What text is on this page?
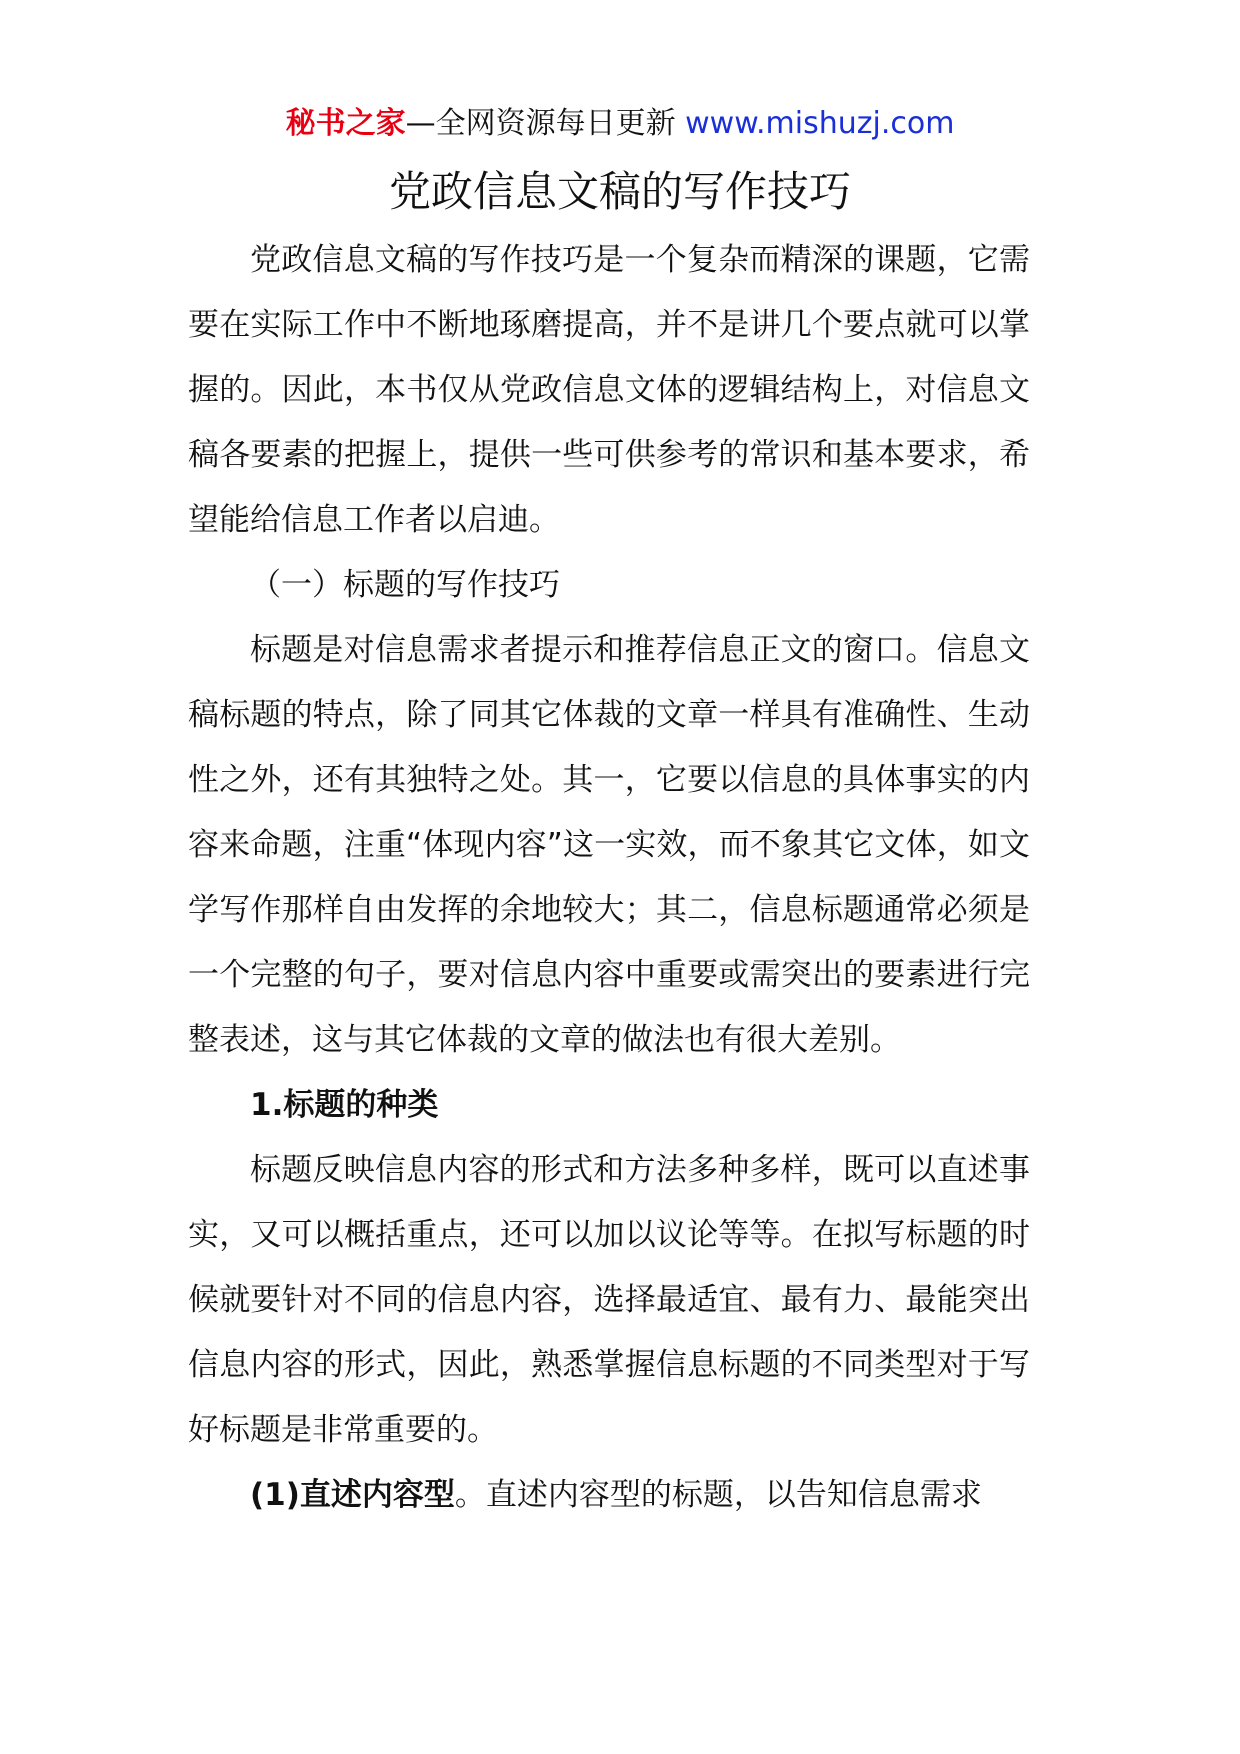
秘书之家—全网资源每日更新 www.mishuzj.com
党政信息文稿的写作技巧

党政信息文稿的写作技巧是一个复杂而精深的课题，它需要在实际工作中不断地琢磨提高，并不是讲几个要点就可以掌握的。因此，本书仅从党政信息文体的逻辑结构上，对信息文稿各要素的把握上，提供一些可供参考的常识和基本要求，希望能给信息工作者以启迪。

（一）标题的写作技巧

标题是对信息需求者提示和推荐信息正文的窗口。信息文稿标题的特点，除了同其它体裁的文章一样具有准确性、生动性之外，还有其独特之处。其一，它要以信息的具体事实的内容来命题，注重“体现内容”这一实效，而不象其它文体，如文学写作那样自由发挥的余地较大；其二，信息标题通常必须是一个完整的句子，要对信息内容中重要或需突出的要素进行完整表述，这与其它体裁的文章的做法也有很大差别。

1.标题的种类

标题反映信息内容的形式和方法多种多样，既可以直述事实，又可以概括重点，还可以加以议论等等。在拟写标题的时候就要针对不同的信息内容，选择最适宜、最有力、最能突出信息内容的形式，因此，熟悉掌握信息标题的不同类型对于写好标题是非常重要的。

(1)直述内容型。直述内容型的标题，以告知信息需求
